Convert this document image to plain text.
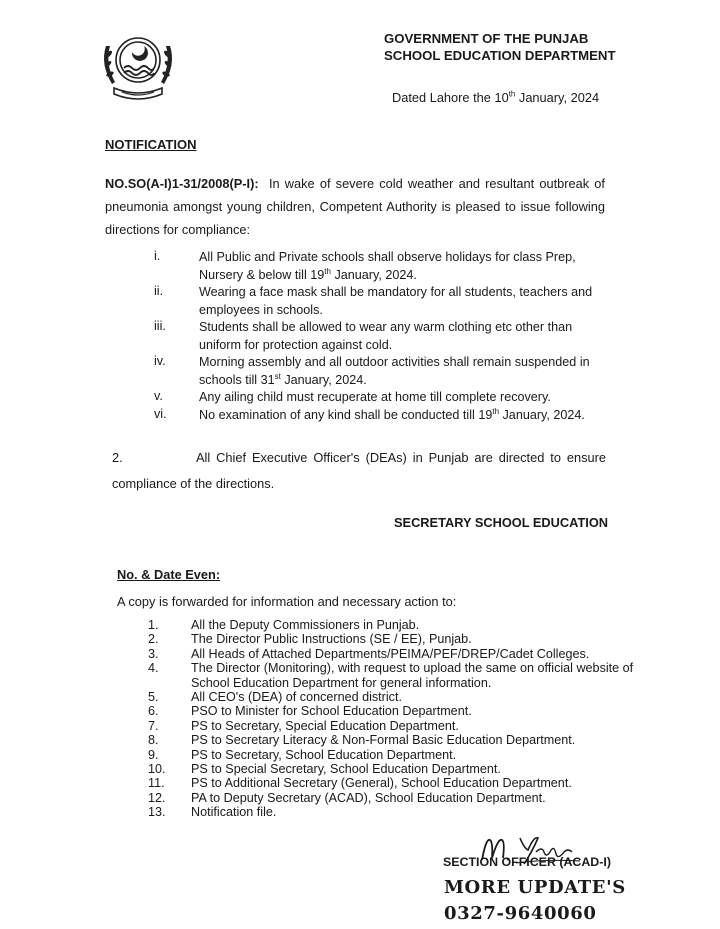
GOVERNMENT OF THE PUNJAB
SCHOOL EDUCATION DEPARTMENT
Dated Lahore the 10th January, 2024
NOTIFICATION
NO.SO(A-I)1-31/2008(P-I): In wake of severe cold weather and resultant outbreak of pneumonia amongst young children, Competent Authority is pleased to issue following directions for compliance:
i.	All Public and Private schools shall observe holidays for class Prep, Nursery & below till 19th January, 2024.
ii.	Wearing a face mask shall be mandatory for all students, teachers and employees in schools.
iii.	Students shall be allowed to wear any warm clothing etc other than uniform for protection against cold.
iv.	Morning assembly and all outdoor activities shall remain suspended in schools till 31st January, 2024.
v.	Any ailing child must recuperate at home till complete recovery.
vi.	No examination of any kind shall be conducted till 19th January, 2024.
2.	All Chief Executive Officer's (DEAs) in Punjab are directed to ensure compliance of the directions.
SECRETARY SCHOOL EDUCATION
No. & Date Even:
A copy is forwarded for information and necessary action to:
1.	All the Deputy Commissioners in Punjab.
2.	The Director Public Instructions (SE / EE), Punjab.
3.	All Heads of Attached Departments/PEIMA/PEF/DREP/Cadet Colleges.
4.	The Director (Monitoring), with request to upload the same on official website of School Education Department for general information.
5.	All CEO's (DEA) of concerned district.
6.	PSO to Minister for School Education Department.
7.	PS to Secretary, Special Education Department.
8.	PS to Secretary Literacy & Non-Formal Basic Education Department.
9.	PS to Secretary, School Education Department.
10.	PS to Special Secretary, School Education Department.
11.	PS to Additional Secretary (General), School Education Department.
12.	PA to Deputy Secretary (ACAD), School Education Department.
13.	Notification file.
SECTION OFFICER (ACAD-I)
MORE UPDATE'S
0327-9640060
